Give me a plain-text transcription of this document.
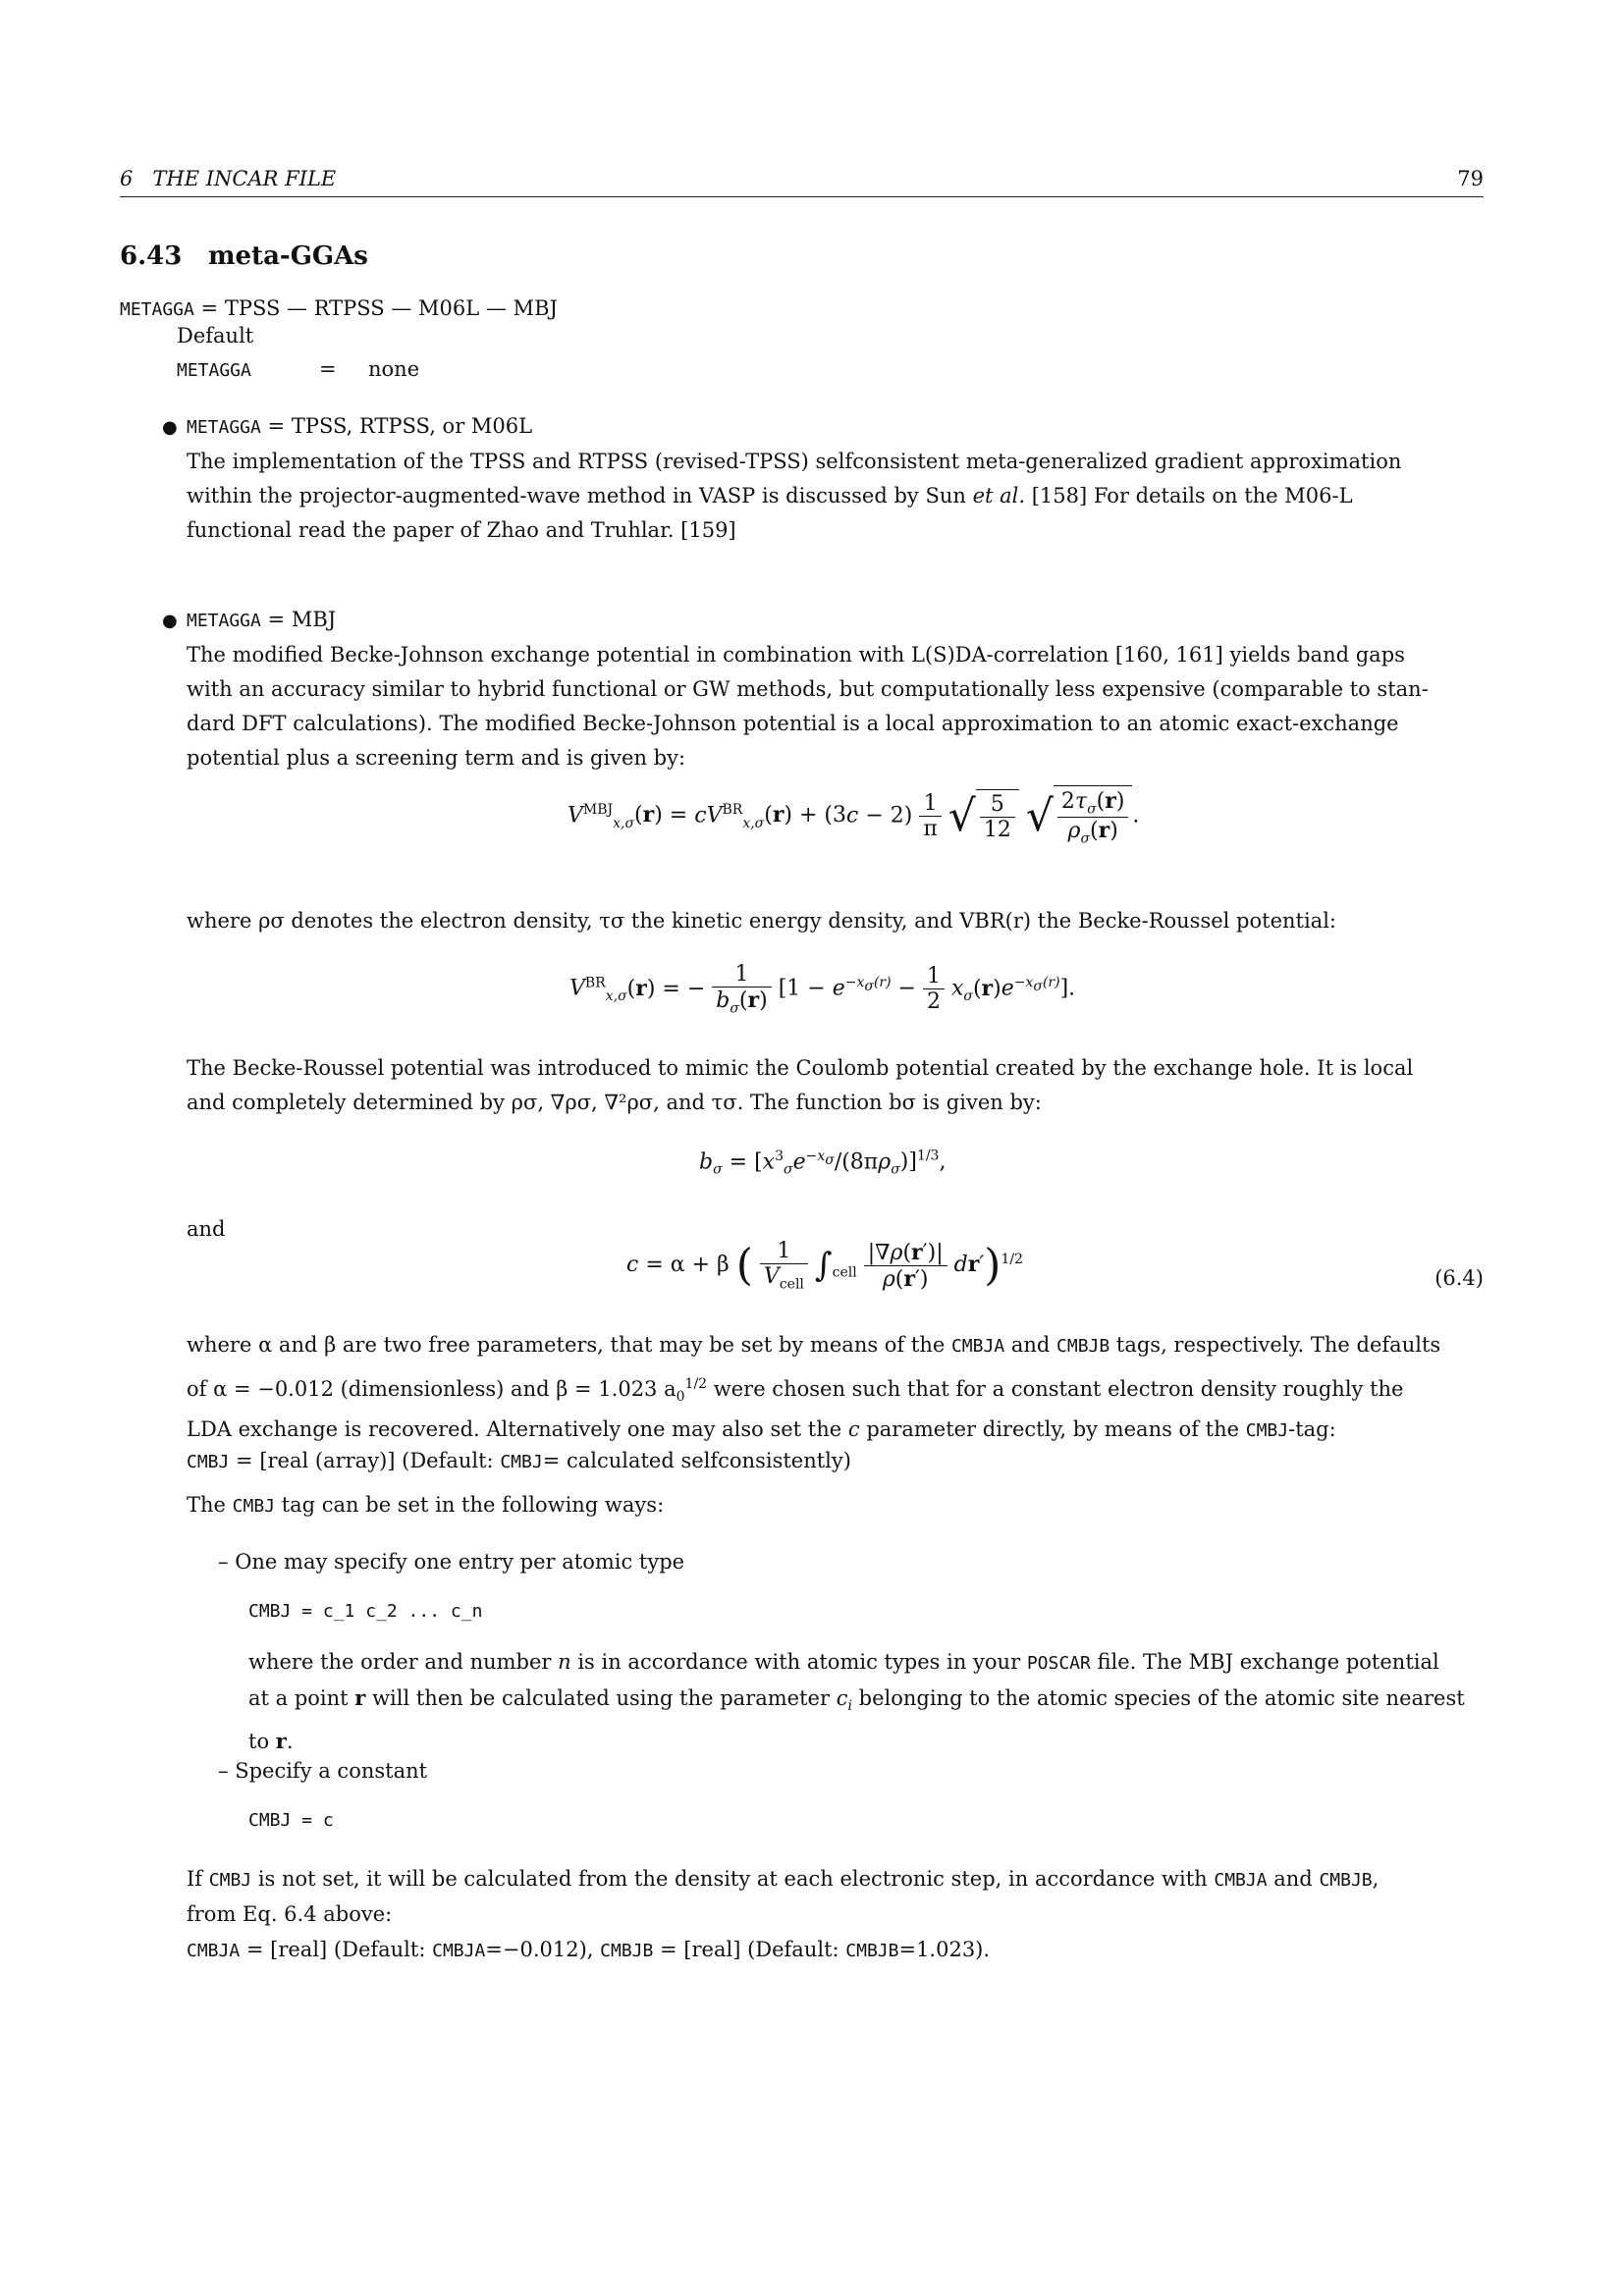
6   THE INCAR FILE	79
6.43 meta-GGAs
METAGGA = TPSS — RTPSS — M06L — MBJ
Default
METAGGA	= none
● METAGGA = TPSS, RTPSS, or M06L
The implementation of the TPSS and RTPSS (revised-TPSS) selfconsistent meta-generalized gradient approximation
within the projector-augmented-wave method in VASP is discussed by Sun et al. [158] For details on the M06-L
functional read the paper of Zhao and Truhlar. [159]
● METAGGA = MBJ
The modified Becke-Johnson exchange potential in combination with L(S)DA-correlation [160, 161] yields band gaps
with an accuracy similar to hybrid functional or GW methods, but computationally less expensive (comparable to stan-
dard DFT calculations). The modified Becke-Johnson potential is a local approximation to an atomic exact-exchange
potential plus a screening term and is given by:
$V^{MBJ}_{x,\sigma}(r) = cV^{BR}_{x,\sigma}(r) + (3c - 2) \frac{1}{\pi}$ √ $\frac{5}{12}$ √ $\frac{2\tau_\sigma(r)}{\rho_\sigma(r)}$ .
where ρσ denotes the electron density, τσ the kinetic energy density, and VBR(r) the Becke-Roussel potential:
$V^{BR}_{x,\sigma}(r)$ = − $\frac{1}{b_\sigma(r)} [1 - e^{-x_\sigma(r)} - \frac{1}{2} x_\sigma(r)e^{-x_\sigma(r)}]$.
The Becke-Roussel potential was introduced to mimic the Coulomb potential created by the exchange hole. It is local
and completely determined by ρσ, ∇ρσ, ∇²ρσ, and τσ. The function bσ is given by:
$b_\sigma = [x^3_\sigma e^{-x_\sigma}/(8\pi\rho_\sigma)]^{1/3}$,
and
c = α + β ( $\frac{1}{V_{cell}} \int_{cell} \frac{|\nabla\rho(r')|}{\rho(r')} dr')^{1/2}$
(6.4)
where α and β are two free parameters, that may be set by means of the CMBJA and CMBJB tags, respectively. The defaults
of α = −0.012 (dimensionless) and β = 1.023 $a_0^{1/2}$ were chosen such that for a constant electron density roughly the
LDA exchange is recovered. Alternatively one may also set the c parameter directly, by means of the CMBJ-tag:
CMBJ = [real (array)] (Default: CMBJ= calculated selfconsistently)
The CMBJ tag can be set in the following ways:
– One may specify one entry per atomic type
CMBJ = c_1 c_2 ... c_n
where the order and number n is in accordance with atomic types in your POSCAR file. The MBJ exchange potential
at a point r will then be calculated using the parameter $c_i$ belonging to the atomic species of the atomic site nearest
to r.
– Specify a constant
CMBJ = c
If CMBJ is not set, it will be calculated from the density at each electronic step, in accordance with CMBJA and CMBJB,
from Eq. 6.4 above:
CMBJA = [real] (Default: CMBJA=−0.012), CMBJB = [real] (Default: CMBJB=1.023).
